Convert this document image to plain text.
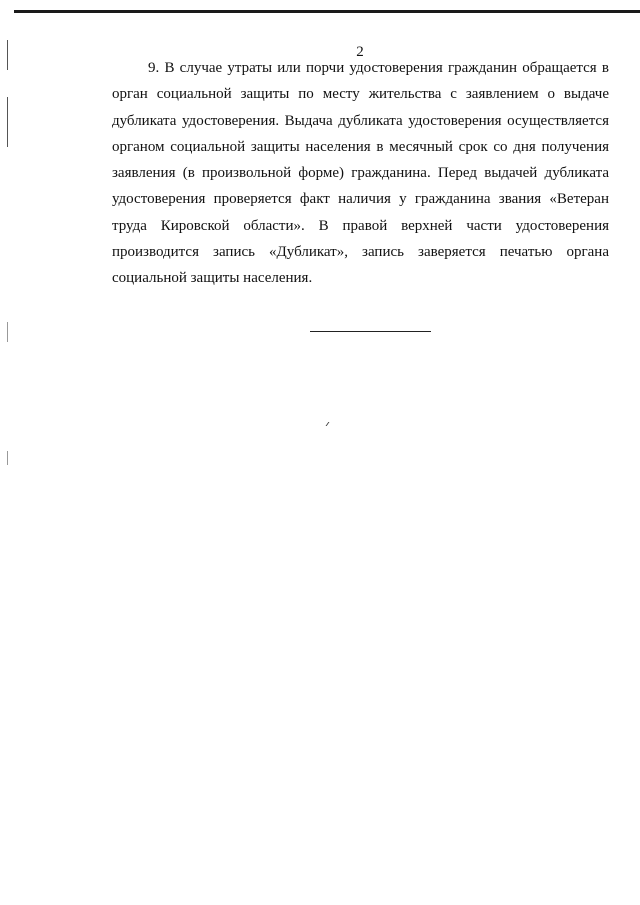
2

9. В случае утраты или порчи удостоверения гражданин обращается в орган социальной защиты по месту жительства с заявлением о выдаче дубликата удостоверения. Выдача дубликата удостоверения осуществляется органом социальной защиты населения в месячный срок со дня получения заявления (в произвольной форме) гражданина. Перед выдачей дубликата удостоверения проверяется факт наличия у гражданина звания «Ветеран труда Кировской области». В правой верхней части удостоверения производится запись «Дубликат», запись заверяется печатью органа социальной защиты населения.
